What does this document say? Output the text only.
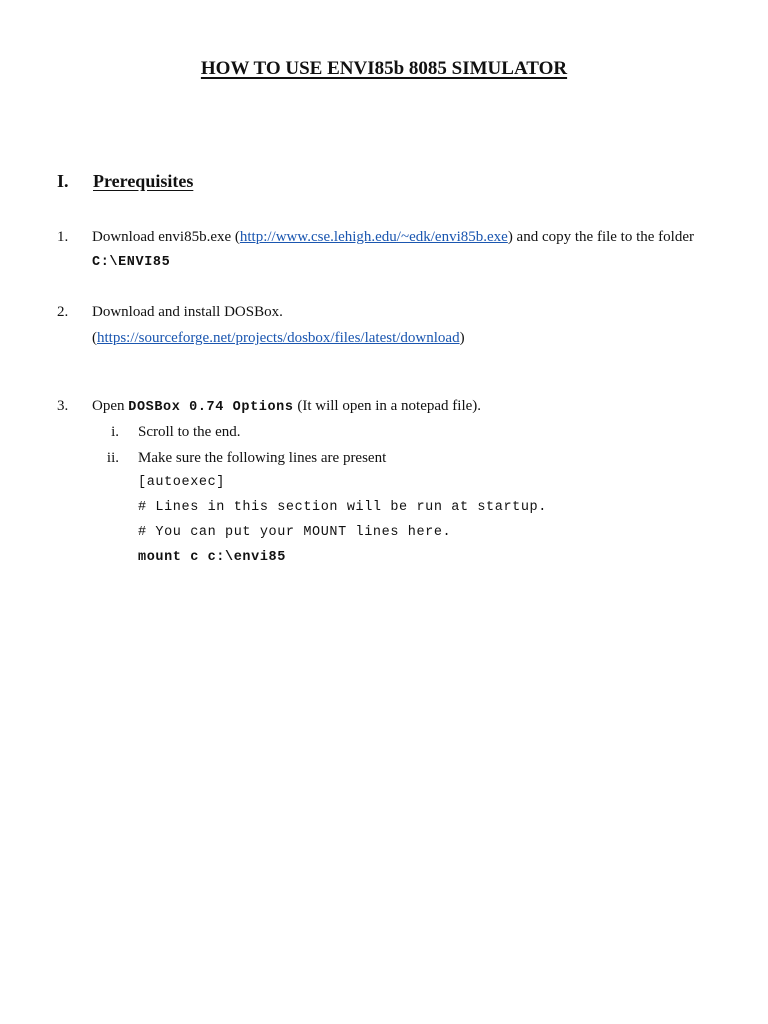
HOW TO USE ENVI85b 8085 SIMULATOR
I. Prerequisites
1. Download envi85b.exe (http://www.cse.lehigh.edu/~edk/envi85b.exe) and copy the file to the folder
C:\ENVI85
2. Download and install DOSBox.
(https://sourceforge.net/projects/dosbox/files/latest/download)
3. Open DOSBox 0.74 Options (It will open in a notepad file).
i. Scroll to the end.
ii. Make sure the following lines are present
[autoexec]
# Lines in this section will be run at startup.
# You can put your MOUNT lines here.
mount c c:\envi85
